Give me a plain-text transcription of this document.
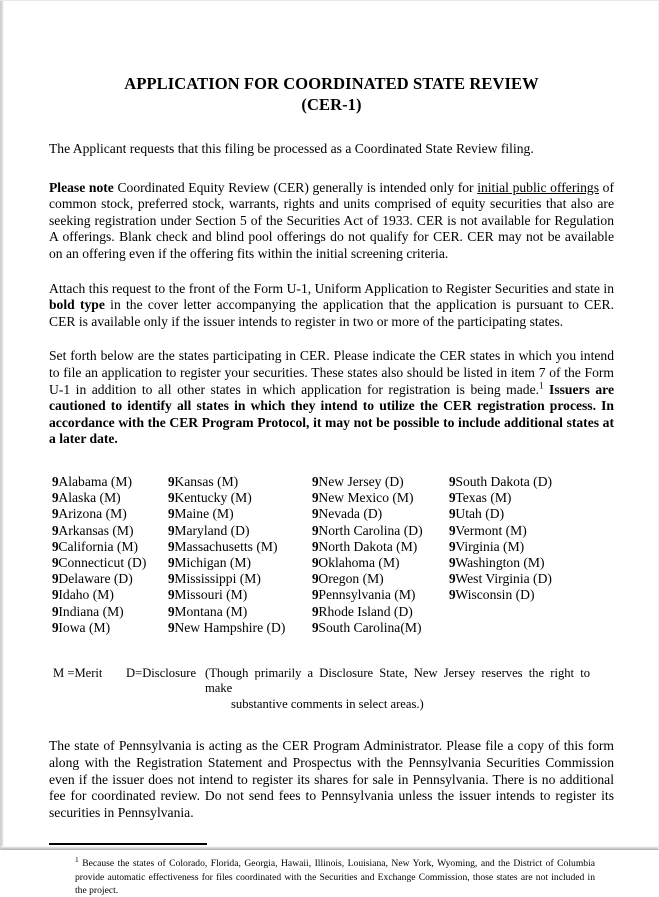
APPLICATION FOR COORDINATED STATE REVIEW
(CER-1)

The Applicant requests that this filing be processed as a Coordinated State Review filing.

Please note Coordinated Equity Review (CER) generally is intended only for initial public offerings of common stock, preferred stock, warrants, rights and units comprised of equity securities that also are seeking registration under Section 5 of the Securities Act of 1933. CER is not available for Regulation A offerings. Blank check and blind pool offerings do not qualify for CER. CER may not be available on an offering even if the offering fits within the initial screening criteria.

Attach this request to the front of the Form U-1, Uniform Application to Register Securities and state in bold type in the cover letter accompanying the application that the application is pursuant to CER. CER is available only if the issuer intends to register in two or more of the participating states.

Set forth below are the states participating in CER. Please indicate the CER states in which you intend to file an application to register your securities. These states also should be listed in item 7 of the Form U-1 in addition to all other states in which application for registration is being made.$^1$ Issuers are cautioned to identify all states in which they intend to utilize the CER registration process. In accordance with the CER Program Protocol, it may not be possible to include additional states at a later date.

9Alabama (M)
9Alaska (M)
9Arizona (M)
9Arkansas (M)
9California (M)
9Connecticut (D)
9Delaware (D)
9Idaho (M)
9Indiana (M)
9Iowa (M)
9Kansas (M)
9Kentucky (M)
9Maine (M)
9Maryland (D)
9Massachusetts (M)
9Michigan (M)
9Mississippi (M)
9Missouri (M)
9Montana (M)
9New Hampshire (D)
9New Jersey (D)
9New Mexico (M)
9Nevada (D)
9North Carolina (D)
9North Dakota (M)
9Oklahoma (M)
9Oregon (M)
9Pennsylvania (M)
9Rhode Island (D)
9South Carolina(M)
9South Dakota (D)
9Texas (M)
9Utah (D)
9Vermont (M)
9Virginia (M)
9Washington (M)
9West Virginia (D)
9Wisconsin (D)
M =Merit D=Disclosure (Though primarily a Disclosure State, New Jersey reserves the right to make
substantive comments in select areas.)

The state of Pennsylvania is acting as the CER Program Administrator. Please file a copy of this form along with the Registration Statement and Prospectus with the Pennsylvania Securities Commission even if the issuer does not intend to register its shares for sale in Pennsylvania. There is no additional fee for coordinated review. Do not send fees to Pennsylvania unless the issuer intends to register its securities in Pennsylvania.

$^1$ Because the states of Colorado, Florida, Georgia, Hawaii, Illinois, Louisiana, New York, Wyoming, and the District of Columbia provide automatic effectiveness for files coordinated with the Securities and Exchange Commission, those states are not included in the project.
